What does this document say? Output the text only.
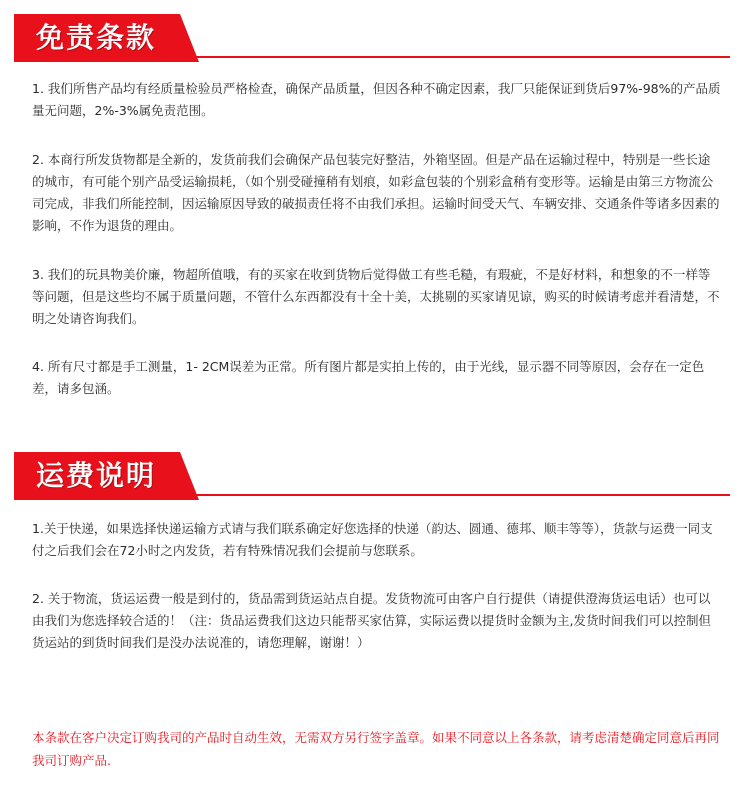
免责条款

1. 我们所售产品均有经质量检验员严格检查，确保产品质量，但因各种不确定因素，我厂只能保证到货后97%-98%的产品质量无问题，2%-3%属免责范围。

2. 本商行所发货物都是全新的，发货前我们会确保产品包装完好整洁，外箱坚固。但是产品在运输过程中，特别是一些长途的城市，有可能个别产品受运输损耗，（如个别受碰撞稍有划痕，如彩盒包装的个别彩盒稍有变形等。运输是由第三方物流公司完成，非我们所能控制，因运输原因导致的破损责任将不由我们承担。运输时间受天气、车辆安排、交通条件等诸多因素的影响，不作为退货的理由。

3. 我们的玩具物美价廉，物超所值哦，有的买家在收到货物后觉得做工有些毛糙，有瑕疵，不是好材料，和想象的不一样等等问题，但是这些均不属于质量问题，不管什么东西都没有十全十美，太挑剔的买家请见谅，购买的时候请考虑并看清楚，不明之处请咨询我们。

4. 所有尺寸都是手工测量，1- 2CM误差为正常。所有图片都是实拍上传的，由于光线，显示器不同等原因，会存在一定色差，请多包涵。

运费说明

1.关于快递，如果选择快递运输方式请与我们联系确定好您选择的快递（韵达、圆通、德邦、顺丰等等），货款与运费一同支付之后我们会在72小时之内发货，若有特殊情况我们会提前与您联系。

2. 关于物流，货运运费一般是到付的，货品需到货运站点自提。发货物流可由客户自行提供（请提供澄海货运电话）也可以由我们为您选择较合适的！（注：货品运费我们这边只能帮买家估算，实际运费以提货时金额为主,发货时间我们可以控制但货运站的到货时间我们是没办法说准的，请您理解，谢谢！）

本条款在客户决定订购我司的产品时自动生效，无需双方另行签字盖章。如果不同意以上各条款，请考虑清楚确定同意后再同我司订购产品.
